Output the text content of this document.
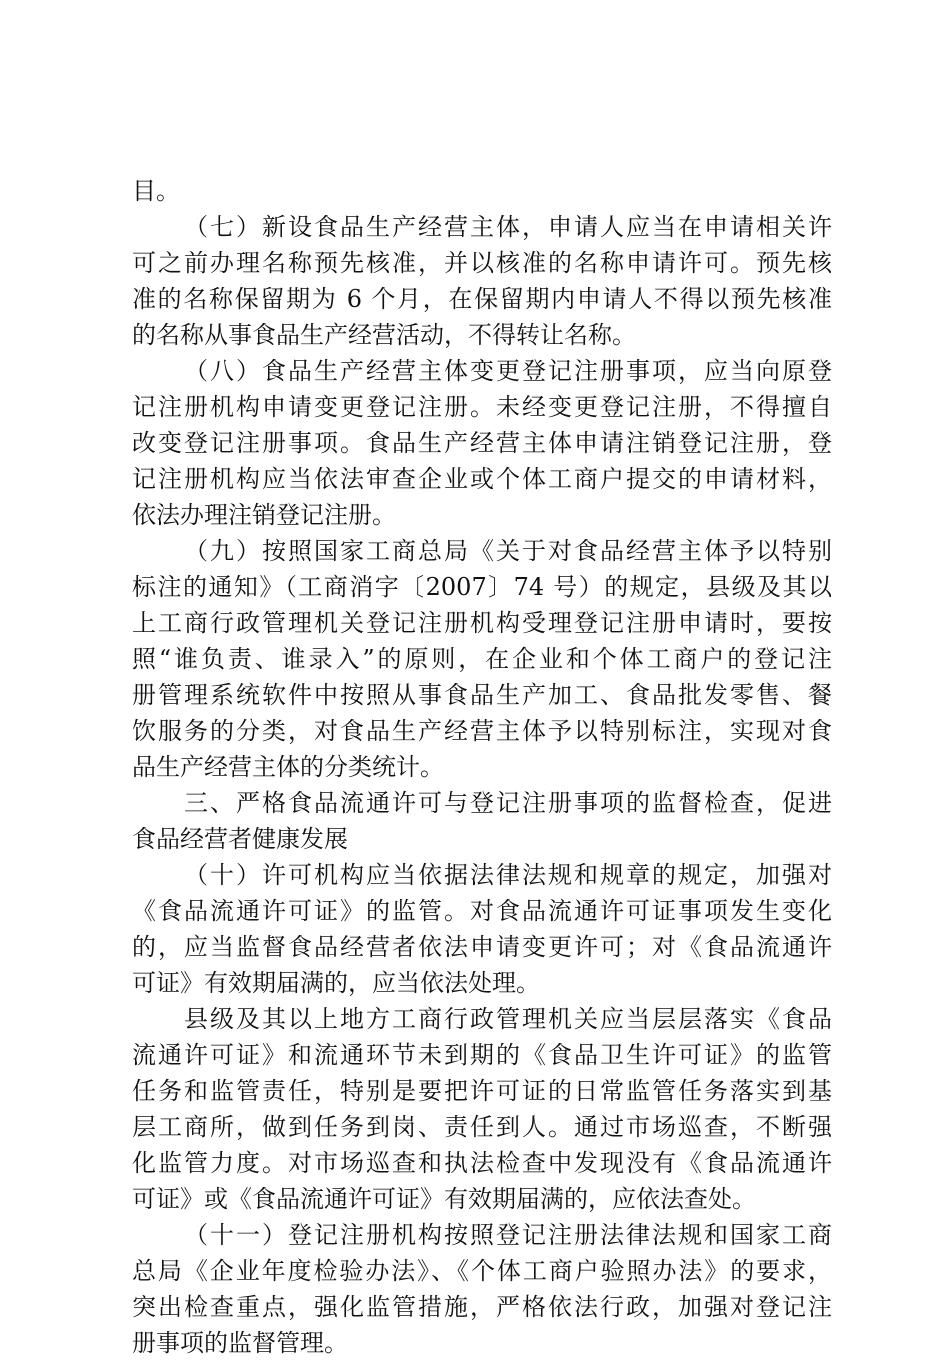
目。
（七）新设食品生产经营主体，申请人应当在申请相关许
可之前办理名称预先核准，并以核准的名称申请许可。预先核
准的名称保留期为 6 个月，在保留期内申请人不得以预先核准
的名称从事食品生产经营活动，不得转让名称。
（八）食品生产经营主体变更登记注册事项，应当向原登
记注册机构申请变更登记注册。未经变更登记注册，不得擅自
改变登记注册事项。食品生产经营主体申请注销登记注册，登
记注册机构应当依法审查企业或个体工商户提交的申请材料，
依法办理注销登记注册。
（九）按照国家工商总局《关于对食品经营主体予以特别
标注的通知》（工商消字〔2007〕74 号）的规定，县级及其以
上工商行政管理机关登记注册机构受理登记注册申请时，要按
照“谁负责、谁录入”的原则，在企业和个体工商户的登记注
册管理系统软件中按照从事食品生产加工、食品批发零售、餐
饮服务的分类，对食品生产经营主体予以特别标注，实现对食
品生产经营主体的分类统计。
三、严格食品流通许可与登记注册事项的监督检查，促进
食品经营者健康发展
（十）许可机构应当依据法律法规和规章的规定，加强对
《食品流通许可证》的监管。对食品流通许可证事项发生变化
的，应当监督食品经营者依法申请变更许可；对《食品流通许
可证》有效期届满的，应当依法处理。
县级及其以上地方工商行政管理机关应当层层落实《食品
流通许可证》和流通环节未到期的《食品卫生许可证》的监管
任务和监管责任，特别是要把许可证的日常监管任务落实到基
层工商所，做到任务到岗、责任到人。通过市场巡查，不断强
化监管力度。对市场巡查和执法检查中发现没有《食品流通许
可证》或《食品流通许可证》有效期届满的，应依法查处。
（十一）登记注册机构按照登记注册法律法规和国家工商
总局《企业年度检验办法》、《个体工商户验照办法》的要求，
突出检查重点，强化监管措施，严格依法行政，加强对登记注
册事项的监督管理。
